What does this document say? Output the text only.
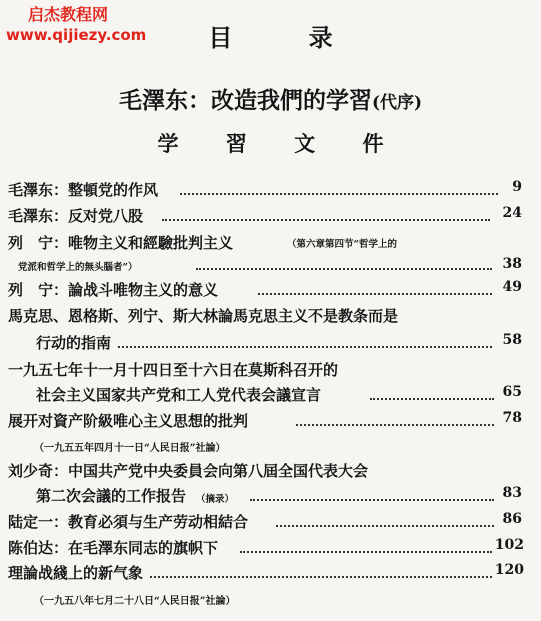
启杰教程网
www.qijiezy.com	目 录
毛澤东：改造我們的学習(代序)
学 習 文 件
毛澤东：整頓党的作风	9
毛澤东：反对党八股	24
列　宁：唯物主义和經驗批判主义	（第六章第四节“哲学上的
党派和哲学上的無头腦者”）	38
列　宁：論战斗唯物主义的意义	49
馬克思、恩格斯、列宁、斯大林論馬克思主义不是教条而是
行动的指南	58
一九五七年十一月十四日至十六日在莫斯科召开的
社会主义国家共产党和工人党代表会議宣言	65
展开对資产阶級唯心主义思想的批判	78
（一九五五年四月十一日“人民日报”社論）
刘少奇：中国共产党中央委員会向第八屆全国代表大会
第二次会議的工作报告 （摘录）	83
陆定一：教育必須与生产劳动相結合	86
陈伯达：在毛澤东同志的旗帜下	102
理論战綫上的新气象	120
（一九五八年七月二十八日“人民日报”社論）
